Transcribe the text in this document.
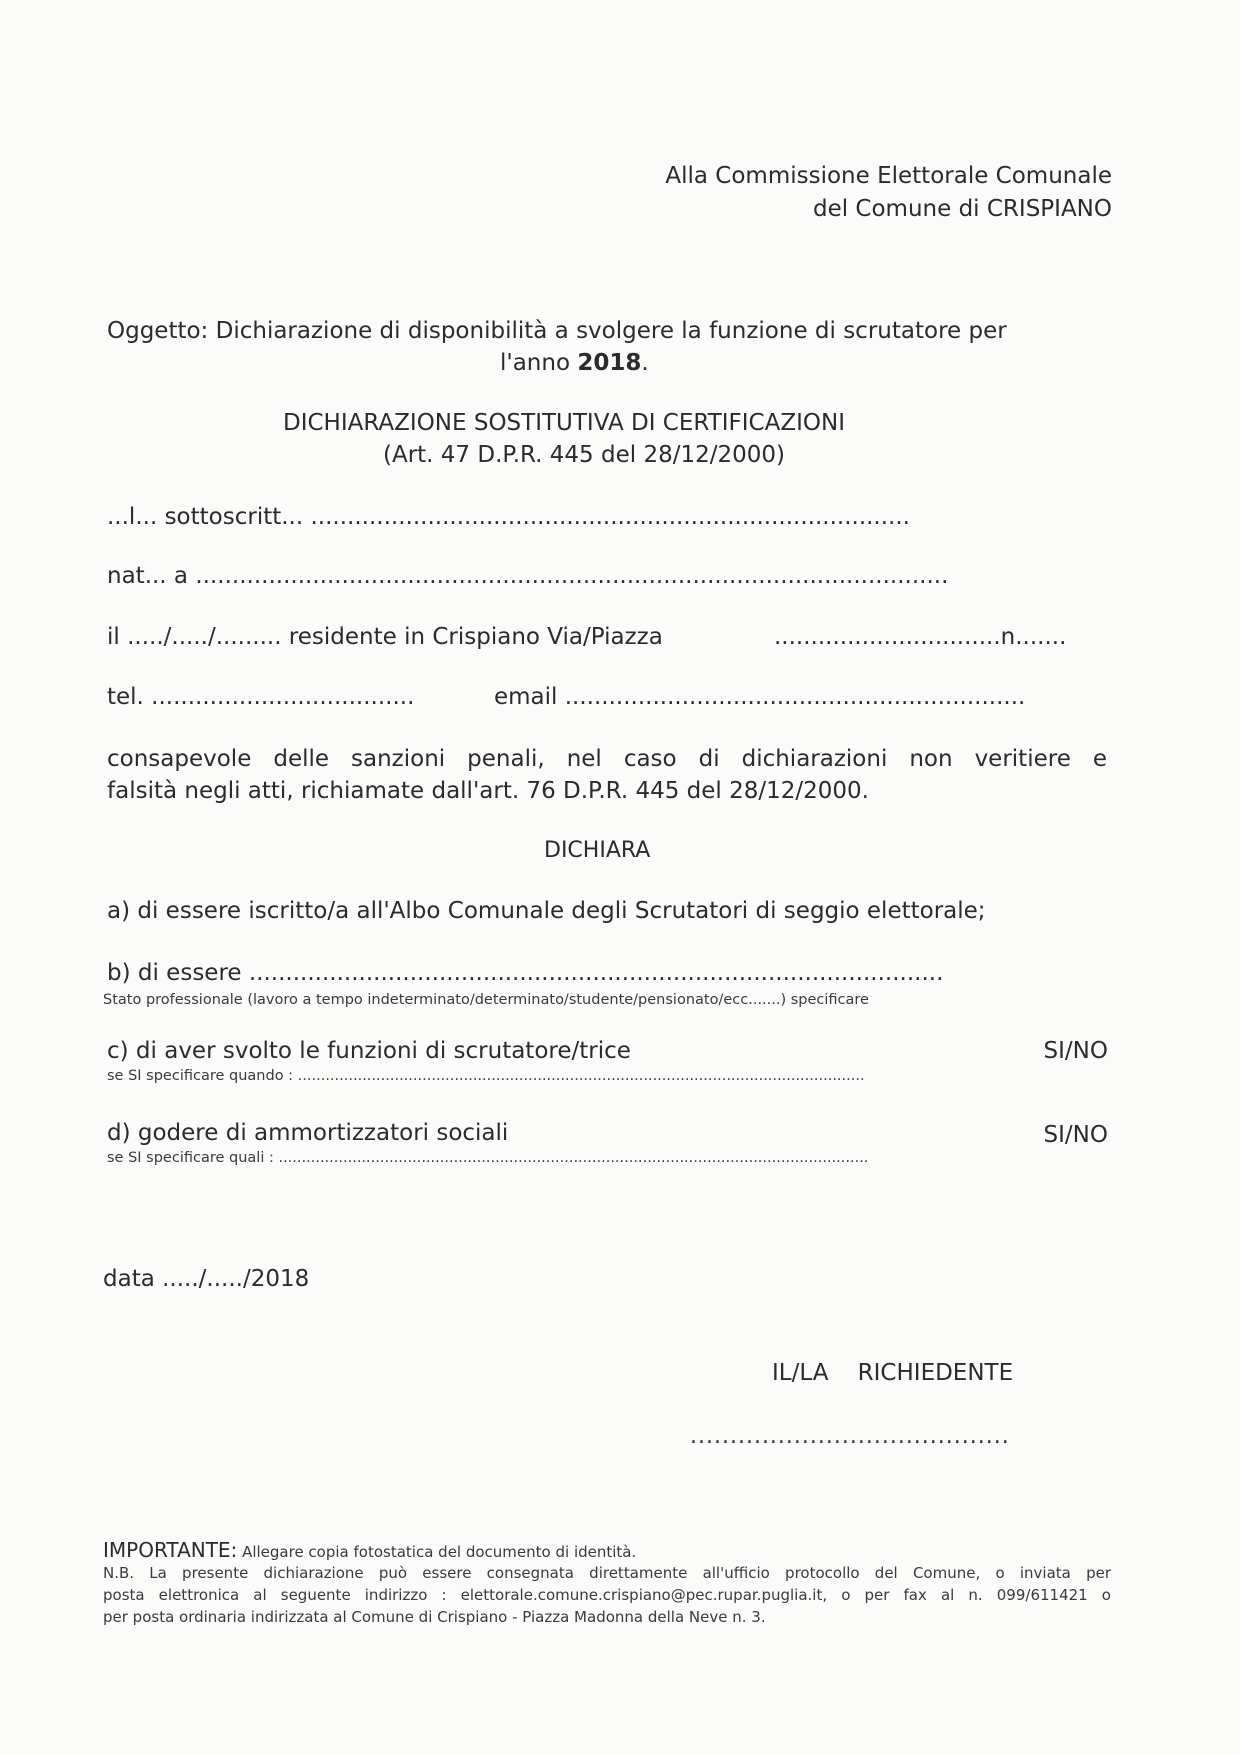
Alla Commissione Elettorale Comunale
del Comune di CRISPIANO
Oggetto: Dichiarazione di disponibilità a svolgere la funzione di scrutatore per
l'anno 2018.
DICHIARAZIONE SOSTITUTIVA DI CERTIFICAZIONI
(Art. 47 D.P.R. 445 del 28/12/2000)
...l... sottoscritt... ..................................................................................
nat... a .......................................................................................................
il ...../...../......... residente in Crispiano Via/Piazza	...............................n.......
tel. ....................................	email ...............................................................
consapevole delle sanzioni penali, nel caso di dichiarazioni non veritiere e
falsità negli atti, richiamate dall'art. 76 D.P.R. 445 del 28/12/2000.
DICHIARA
a) di essere iscritto/a all'Albo Comunale degli Scrutatori di seggio elettorale;
b) di essere ...............................................................................................
Stato professionale (lavoro a tempo indeterminato/determinato/studente/pensionato/ecc.......) specificare
c) di aver svolto le funzioni di scrutatore/trice	SI/NO
se SI specificare quando : ...........................................................................................................................
d) godere di ammortizzatori sociali	SI/NO
se SI specificare quali : ................................................................................................................................
data ...../...../2018
IL/LA    RICHIEDENTE
........................................
IMPORTANTE: Allegare copia fotostatica del documento di identità.
N.B. La presente dichiarazione può essere consegnata direttamente all'ufficio protocollo del Comune, o inviata per
posta elettronica al seguente indirizzo : elettorale.comune.crispiano@pec.rupar.puglia.it, o per fax al n. 099/611421 o
per posta ordinaria indirizzata al Comune di Crispiano - Piazza Madonna della Neve n. 3.
